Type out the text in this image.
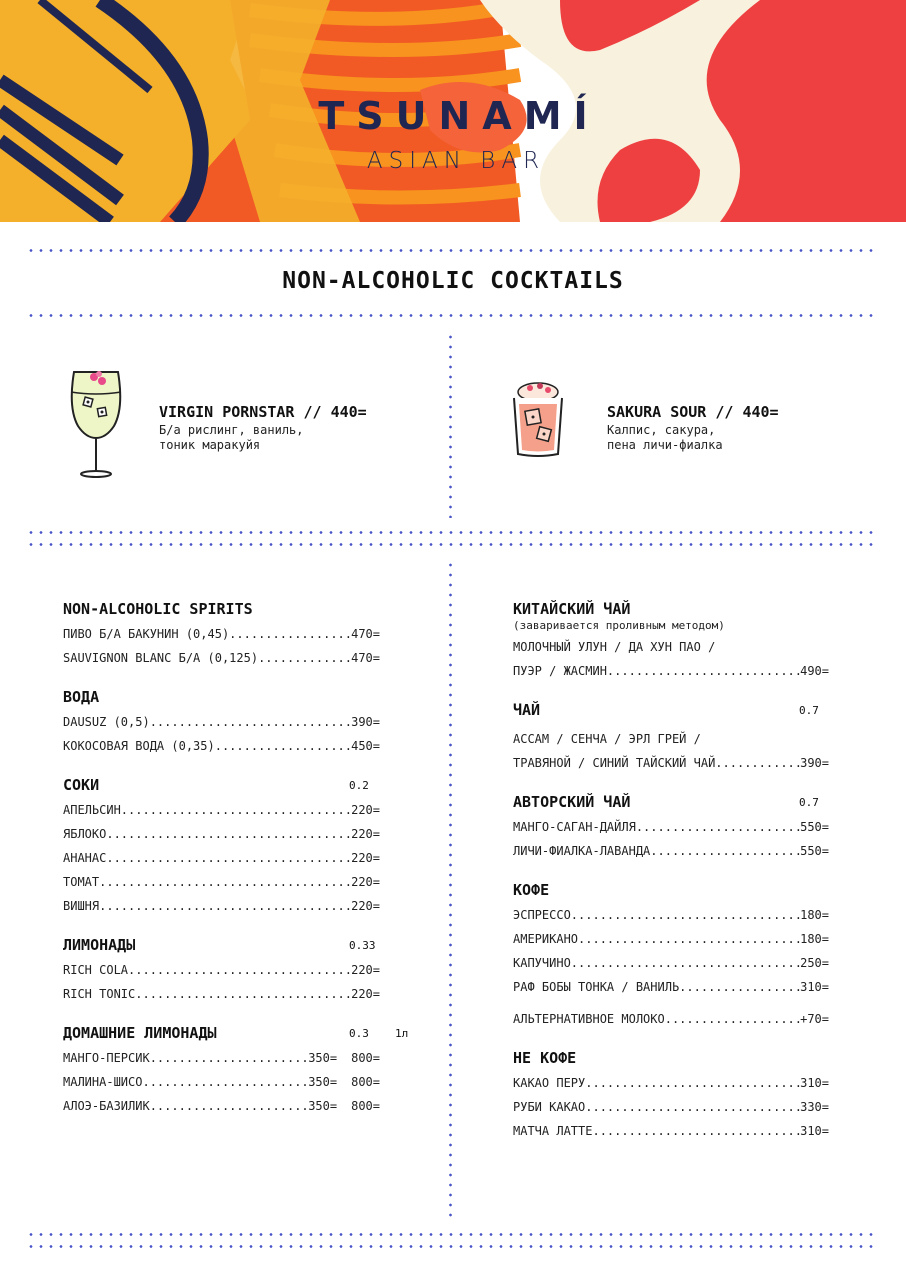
TSUNAMÍ
ASIAN BAR
NON-ALCOHOLIC COCKTAILS
VIRGIN PORNSTAR // 440=
Б/а рислинг, ваниль,
тоник маракуйя
SAKURA SOUR // 440=
Калпис, сакура,
пена личи-фиалка
NON-ALCOHOLIC SPIRITS
ПИВО Б/А БАКУНИН (0,45) .....	470=
SAUVIGNON BLANC Б/А (0,125) .....	470=
ВОДА
DAUSUZ (0,5) .....	390=
КОКОСОВАЯ ВОДА (0,35) .....	450=
СОКИ	0.2
АПЕЛЬСИН .....	220=
ЯБЛОКО .....	220=
АНАНАС .....	220=
ТОМАТ .....	220=
ВИШНЯ .....	220=
ЛИМОНАДЫ	0.33
RICH COLA .....	220=
RICH TONIC .....	220=
ДОМАШНИЕ ЛИМОНАДЫ	0.3 1л
МАНГО-ПЕРСИК .....	350= 800=
МАЛИНА-ШИСО .....	350= 800=
АЛОЭ-БАЗИЛИК .....	350= 800=
КИТАЙСКИЙ ЧАЙ
(заваривается проливным методом)
МОЛОЧНЫЙ УЛУН / ДА ХУН ПАО /
ПУЭР / ЖАСМИН .....	490=
ЧАЙ	0.7
АССАМ / СЕНЧА / ЭРЛ ГРЕЙ /
ТРАВЯНОЙ / СИНИЙ ТАЙСКИЙ ЧАЙ .....	390=
АВТОРСКИЙ ЧАЙ	0.7
МАНГО-САГАН-ДАЙЛЯ .....	550=
ЛИЧИ-ФИАЛКА-ЛАВАНДА .....	550=
КОФЕ
ЭСПРЕССО .....	180=
АМЕРИКАНО .....	180=
КАПУЧИНО .....	250=
РАФ БОБЫ ТОНКА / ВАНИЛЬ .....	310=
АЛЬТЕРНАТИВНОЕ МОЛОКО .....	+70=
НЕ КОФЕ
КАКАО ПЕРУ .....	310=
РУБИ КАКАО .....	330=
МАТЧА ЛАТТЕ .....	310=
